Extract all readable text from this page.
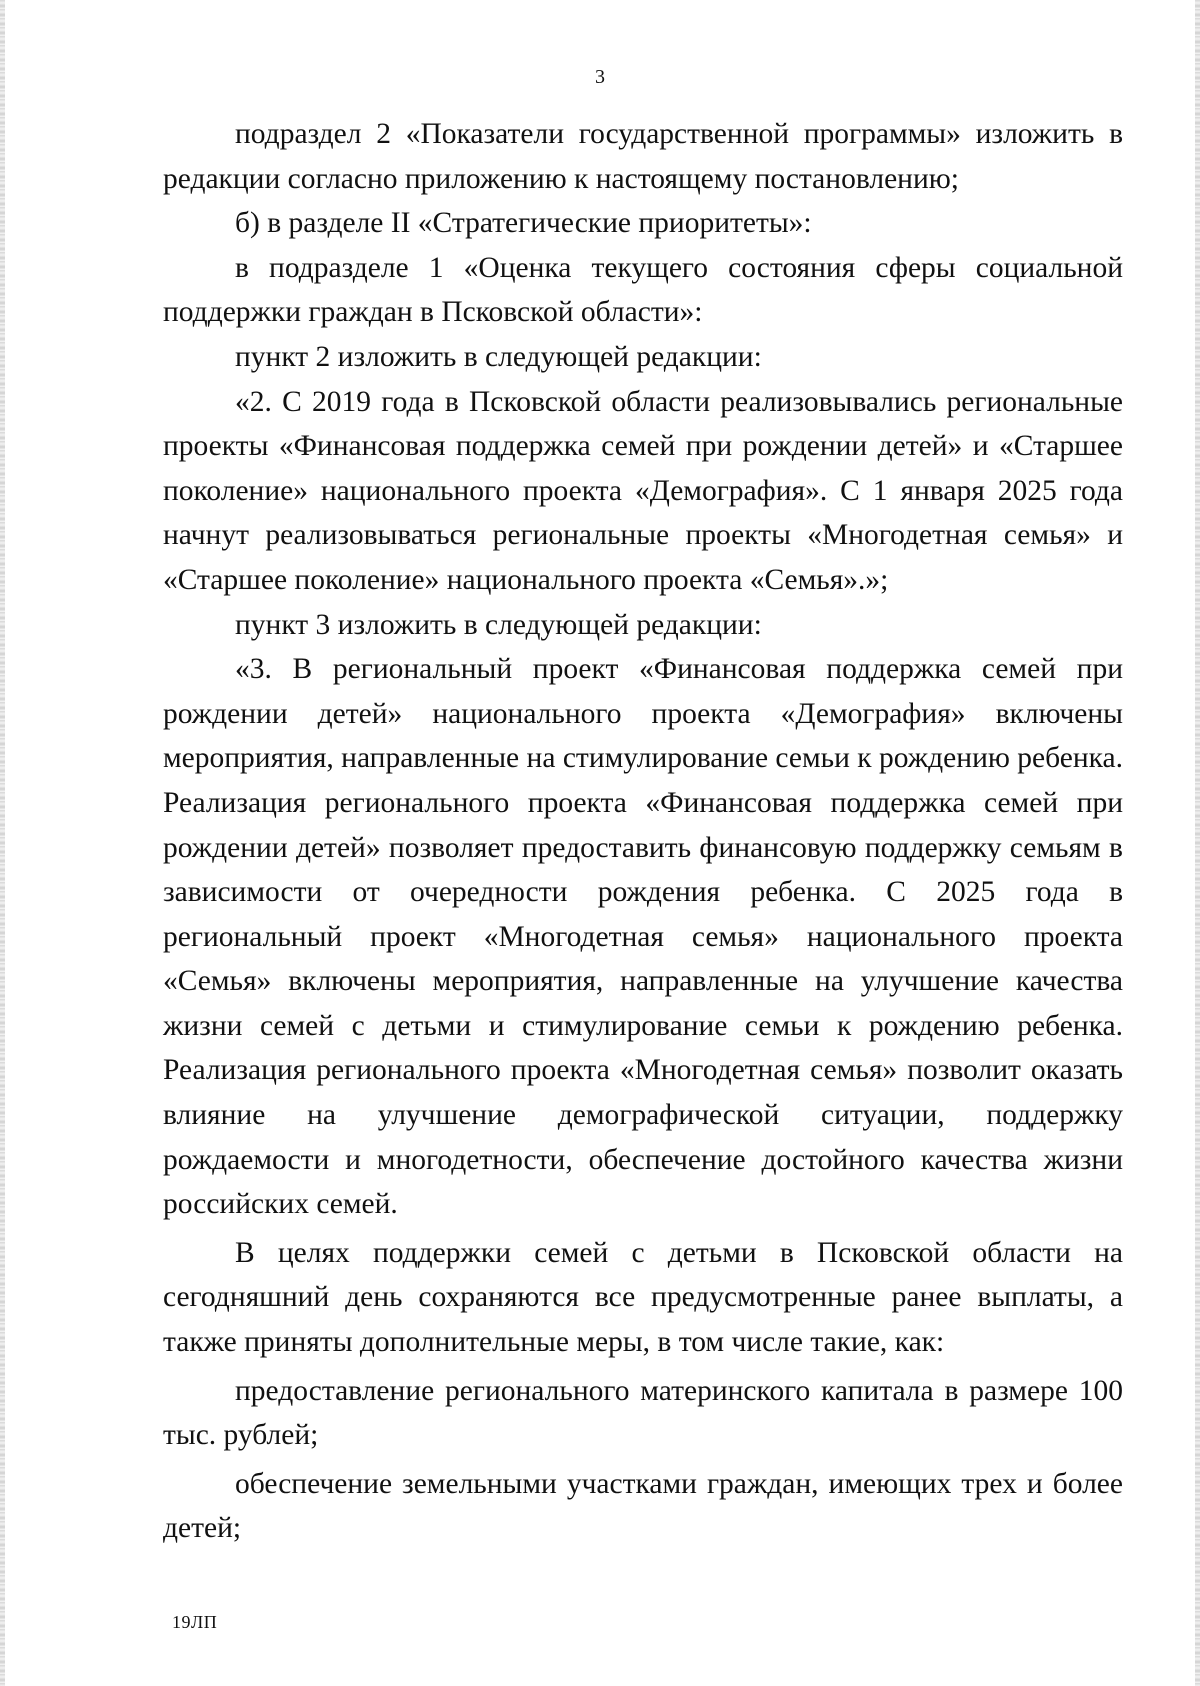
3

подраздел 2 «Показатели государственной программы» изложить в редакции согласно приложению к настоящему постановлению;

б) в разделе II «Стратегические приоритеты»:

в подразделе 1 «Оценка текущего состояния сферы социальной поддержки граждан в Псковской области»:

пункт 2 изложить в следующей редакции:

«2. С 2019 года в Псковской области реализовывались региональные проекты «Финансовая поддержка семей при рождении детей» и «Старшее поколение» национального проекта «Демография». С 1 января 2025 года начнут реализовываться региональные проекты «Многодетная семья» и «Старшее поколение» национального проекта «Семья».»;

пункт 3 изложить в следующей редакции:

«3. В региональный проект «Финансовая поддержка семей при рождении детей» национального проекта «Демография» включены мероприятия, направленные на стимулирование семьи к рождению ребенка. Реализация регионального проекта «Финансовая поддержка семей при рождении детей» позволяет предоставить финансовую поддержку семьям в зависимости от очередности рождения ребенка. С 2025 года в региональный проект «Многодетная семья» национального проекта «Семья» включены мероприятия, направленные на улучшение качества жизни семей с детьми и стимулирование семьи к рождению ребенка. Реализация регионального проекта «Многодетная семья» позволит оказать влияние на улучшение демографической ситуации, поддержку рождаемости и многодетности, обеспечение достойного качества жизни российских семей.

В целях поддержки семей с детьми в Псковской области на сегодняшний день сохраняются все предусмотренные ранее выплаты, а также приняты дополнительные меры, в том числе такие, как:

предоставление регионального материнского капитала в размере 100 тыс. рублей;

обеспечение земельными участками граждан, имеющих трех и более детей;

19ЛП
